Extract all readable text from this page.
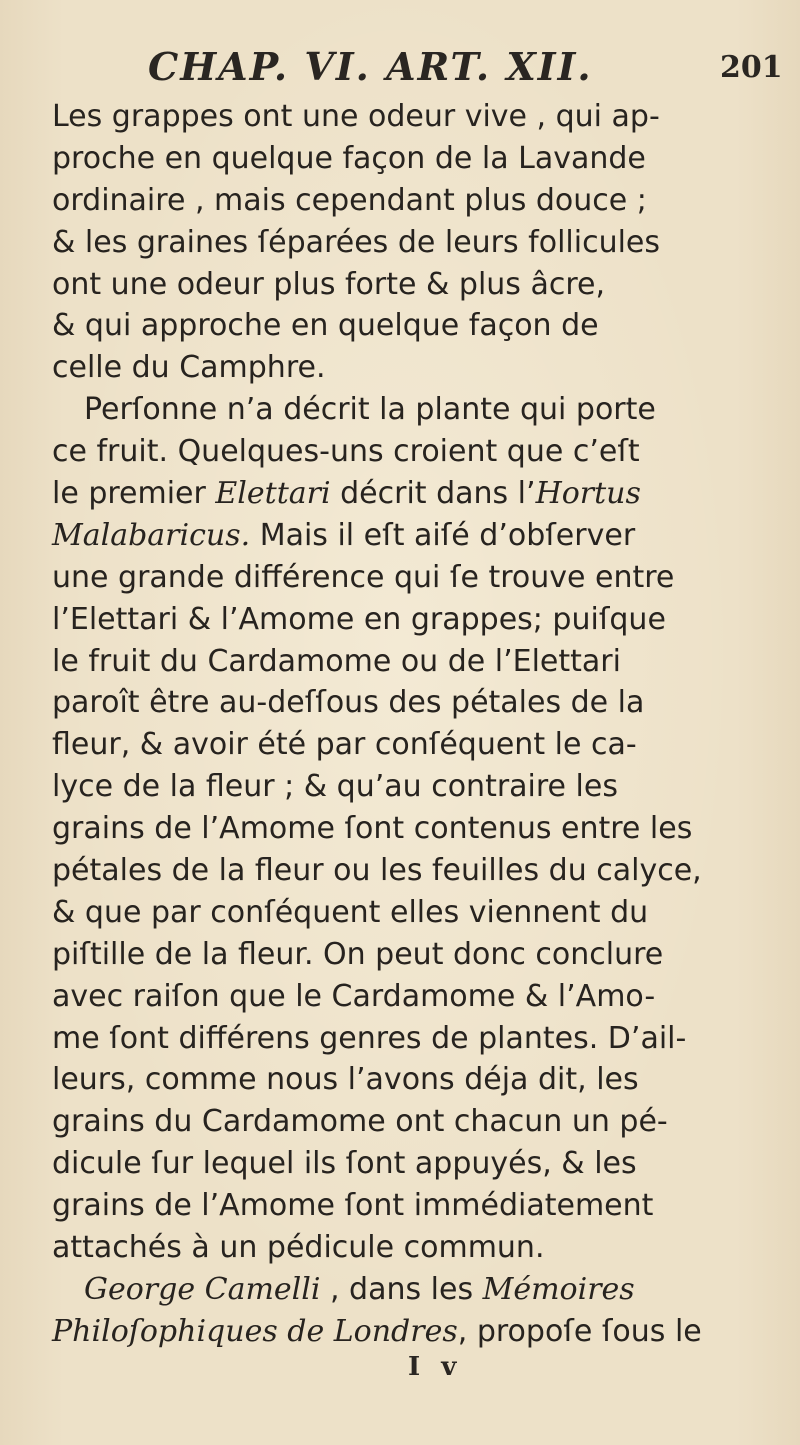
CHAP. VI. ART. XII.	201
Les grappes ont une odeur vive , qui ap-
proche en quelque façon de la Lavande
ordinaire , mais cependant plus douce ;
& les graines ſéparées de leurs follicules
ont une odeur plus forte & plus âcre,
& qui approche en quelque façon de
celle du Camphre.
Perſonne n’a décrit la plante qui porte
ce fruit. Quelques-uns croient que c’eſt
le premier Elettari décrit dans l’Hortus
Malabaricus. Mais il eſt aiſé d’obſerver
une grande différence qui ſe trouve entre
l’Elettari & l’Amome en grappes; puiſque
le fruit du Cardamome ou de l’Elettari
paroît être au-deſſous des pétales de la
fleur, & avoir été par conſéquent le ca-
lyce de la fleur ; & qu’au contraire les
grains de l’Amome ſont contenus entre les
pétales de la fleur ou les feuilles du calyce,
& que par conſéquent elles viennent du
piſtille de la fleur. On peut donc conclure
avec raiſon que le Cardamome & l’Amo-
me ſont différens genres de plantes. D’ail-
leurs, comme nous l’avons déja dit, les
grains du Cardamome ont chacun un pé-
dicule ſur lequel ils ſont appuyés, & les
grains de l’Amome ſont immédiatement
attachés à un pédicule commun.
George Camelli , dans les Mémoires
Philoſophiques de Londres, propoſe ſous le
I v
